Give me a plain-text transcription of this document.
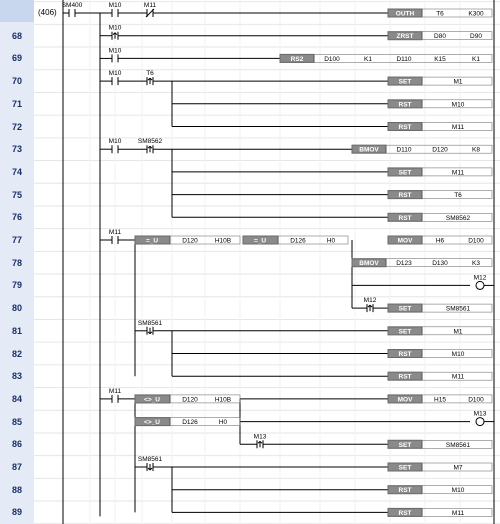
68
69
70
71
72
73
74
75
76
77
78
79
80
81
82
83
84
85
86
87
88
89
(406)
SM400	M10	M11
M10
M10
M10	T6
M10	SM8562
M11
M12
SM8561
M11
M13
SM8561
M12
M13
=_U	D120	H10B	=_U	D126	H0
<>_U	D120	H10B
<>_U	D126	H0
OUTH	T6	K300
ZRST	D80	D90
RS2	D100	K1	D110	K15	K1
SET	M1
RST	M10
RST	M11
BMOV	D110	D120	K8
SET	M11
RST	T6
RST	SM8562
MOV	H6	D100
BMOV	D123	D130	K3
SET	SM8561
SET	M1
RST	M10
RST	M11
MOV	H15	D100
SET	SM8561
SET	M7
RST	M10
RST	M11
